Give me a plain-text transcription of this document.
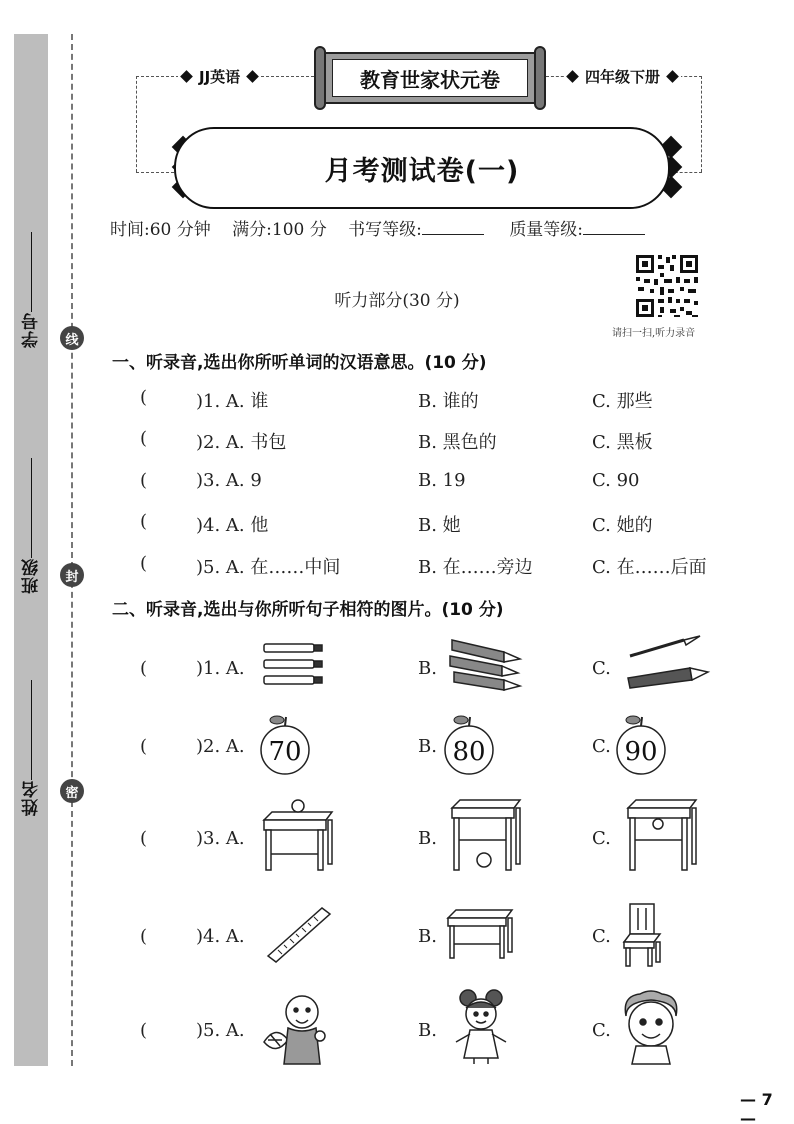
学号
班级
姓名
线
封
密
JJ英语	四年级下册
教育世家状元卷
月考测试卷(一)
时间:60 分钟 满分:100 分 书写等级:	质量等级:
请扫一扫,听力录音
听力部分(30 分)
一、听录音,选出你所听单词的汉语意思。(10 分)
(	)1. A. 谁	B. 谁的	C. 那些
(	)2. A. 书包	B. 黑色的	C. 黑板
(	)3. A. 9	B. 19	C. 90
(	)4. A. 他	B. 她	C. 她的
(	)5. A. 在……中间	B. 在……旁边	C. 在……后面
二、听录音,选出与你所听句子相符的图片。(10 分)
(	)1. A.	B.	C.
(	)2. A. 70	B. 80	C. 90
(	)3. A.	B.	C.
(	)4. A.	B.	C.
(	)5. A.	B.	C.
— 7 —
